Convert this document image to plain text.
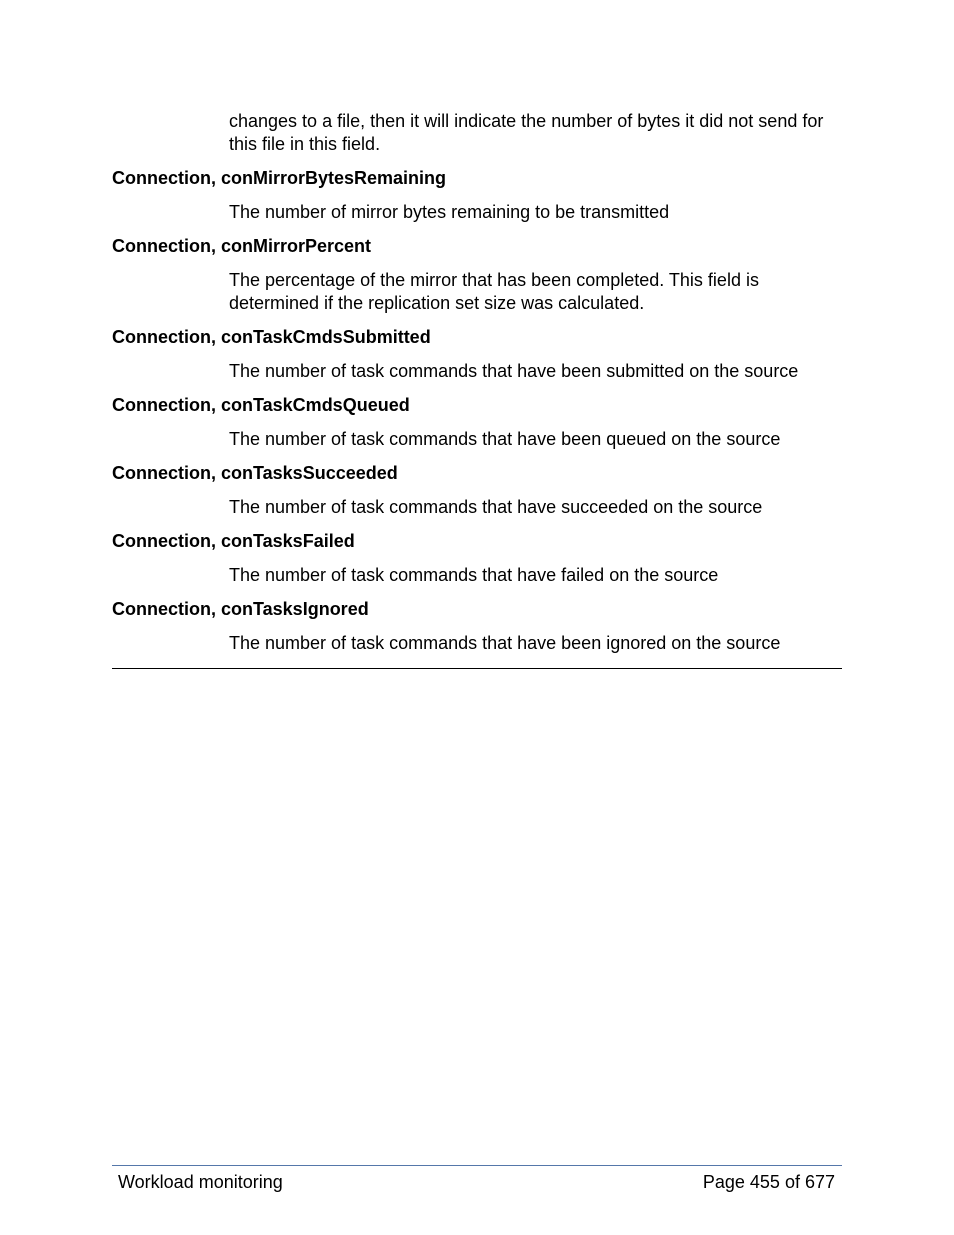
changes to a file, then it will indicate the number of bytes it did not send for this file in this field.
Connection, conMirrorBytesRemaining
The number of mirror bytes remaining to be transmitted
Connection, conMirrorPercent
The percentage of the mirror that has been completed. This field is determined if the replication set size was calculated.
Connection, conTaskCmdsSubmitted
The number of task commands that have been submitted on the source
Connection, conTaskCmdsQueued
The number of task commands that have been queued on the source
Connection, conTasksSucceeded
The number of task commands that have succeeded on the source
Connection, conTasksFailed
The number of task commands that have failed on the source
Connection, conTasksIgnored
The number of task commands that have been ignored on the source
Workload monitoring	Page 455 of 677
